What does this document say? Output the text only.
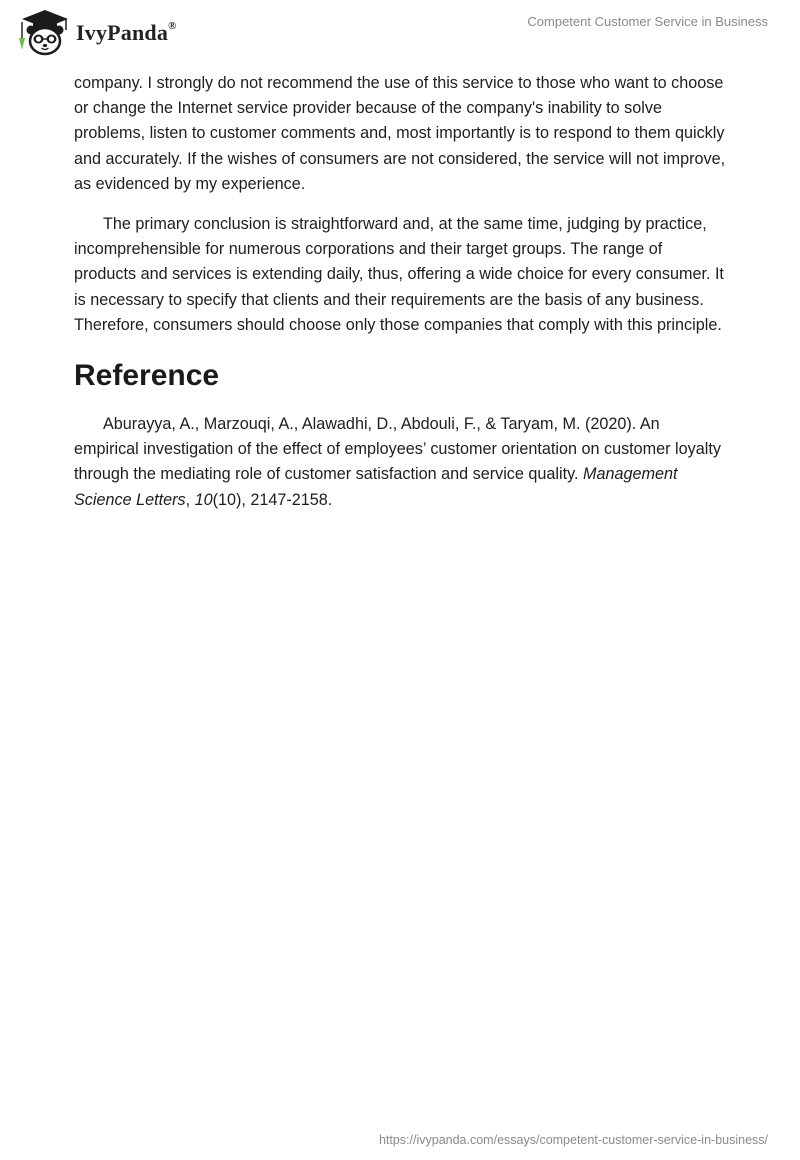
IvyPanda®	Competent Customer Service in Business

company. I strongly do not recommend the use of this service to those who want to choose or change the Internet service provider because of the company's inability to solve problems, listen to customer comments and, most importantly is to respond to them quickly and accurately. If the wishes of consumers are not considered, the service will not improve, as evidenced by my experience.

The primary conclusion is straightforward and, at the same time, judging by practice, incomprehensible for numerous corporations and their target groups. The range of products and services is extending daily, thus, offering a wide choice for every consumer. It is necessary to specify that clients and their requirements are the basis of any business. Therefore, consumers should choose only those companies that comply with this principle.

Reference

Aburayya, A., Marzouqi, A., Alawadhi, D., Abdouli, F., & Taryam, M. (2020). An empirical investigation of the effect of employees’ customer orientation on customer loyalty through the mediating role of customer satisfaction and service quality. Management Science Letters, 10(10), 2147-2158.

https://ivypanda.com/essays/competent-customer-service-in-business/
